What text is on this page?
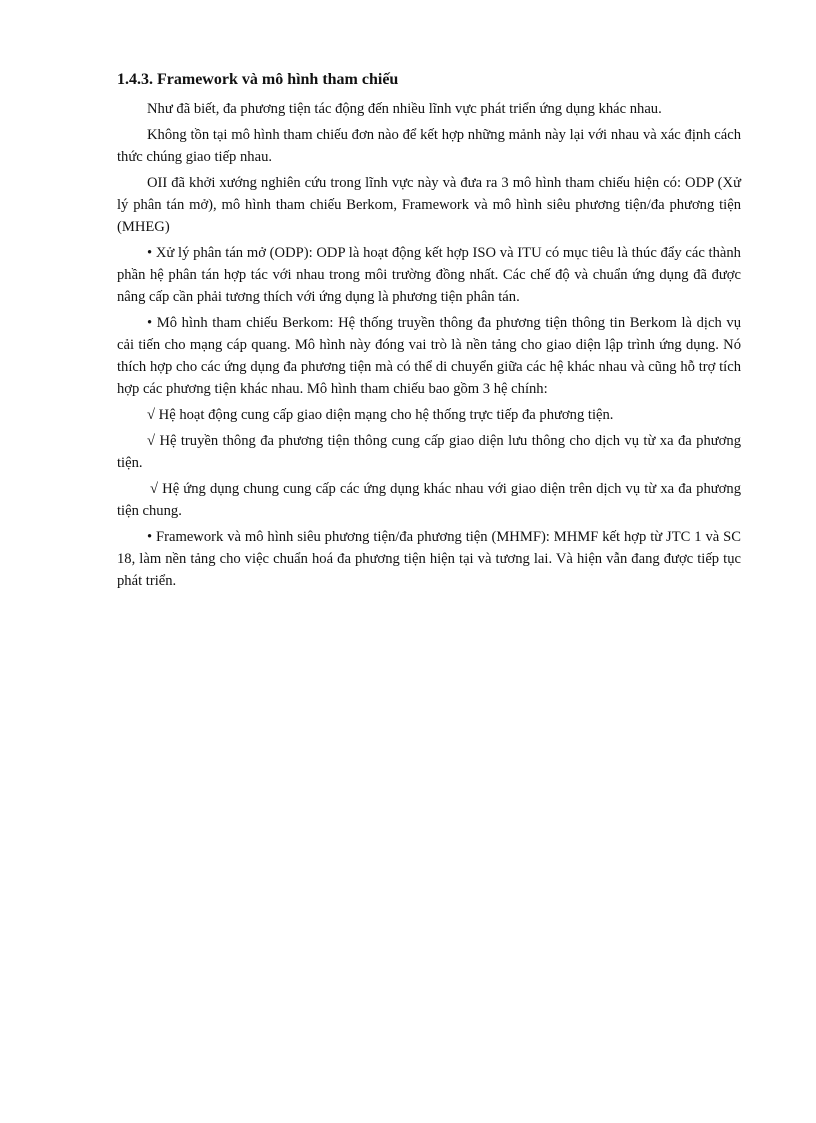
1.4.3. Framework và mô hình tham chiếu

Như đã biết, đa phương tiện tác động đến nhiều lĩnh vực phát triển ứng dụng khác nhau.

Không tồn tại mô hình tham chiếu đơn nào để kết hợp những mảnh này lại với nhau và xác định cách thức chúng giao tiếp nhau.

OII đã khởi xướng nghiên cứu trong lĩnh vực này và đưa ra 3 mô hình tham chiếu hiện có: ODP (Xử lý phân tán mở), mô hình tham chiếu Berkom, Framework và mô hình siêu phương tiện/đa phương tiện (MHEG)

• Xử lý phân tán mở (ODP): ODP là hoạt động kết hợp ISO và ITU có mục tiêu là thúc đẩy các thành phần hệ phân tán hợp tác với nhau trong môi trường đồng nhất. Các chế độ và chuẩn ứng dụng đã được nâng cấp cần phải tương thích với ứng dụng là phương tiện phân tán.

• Mô hình tham chiếu Berkom: Hệ thống truyền thông đa phương tiện thông tin Berkom là dịch vụ cải tiến cho mạng cáp quang. Mô hình này đóng vai trò là nền tảng cho giao diện lập trình ứng dụng. Nó thích hợp cho các ứng dụng đa phương tiện mà có thể di chuyển giữa các hệ khác nhau và cũng hỗ trợ tích hợp các phương tiện khác nhau. Mô hình tham chiếu bao gồm 3 hệ chính:

√ Hệ hoạt động cung cấp giao diện mạng cho hệ thống trực tiếp đa phương tiện.

√ Hệ truyền thông đa phương tiện thông cung cấp giao diện lưu thông cho dịch vụ từ xa đa phương tiện.

√ Hệ ứng dụng chung cung cấp các ứng dụng khác nhau với giao diện trên dịch vụ từ xa đa phương tiện chung.

• Framework và mô hình siêu phương tiện/đa phương tiện (MHMF): MHMF kết hợp từ JTC 1 và SC 18, làm nền tảng cho việc chuẩn hoá đa phương tiện hiện tại và tương lai. Và hiện vẫn đang được tiếp tục phát triển.
